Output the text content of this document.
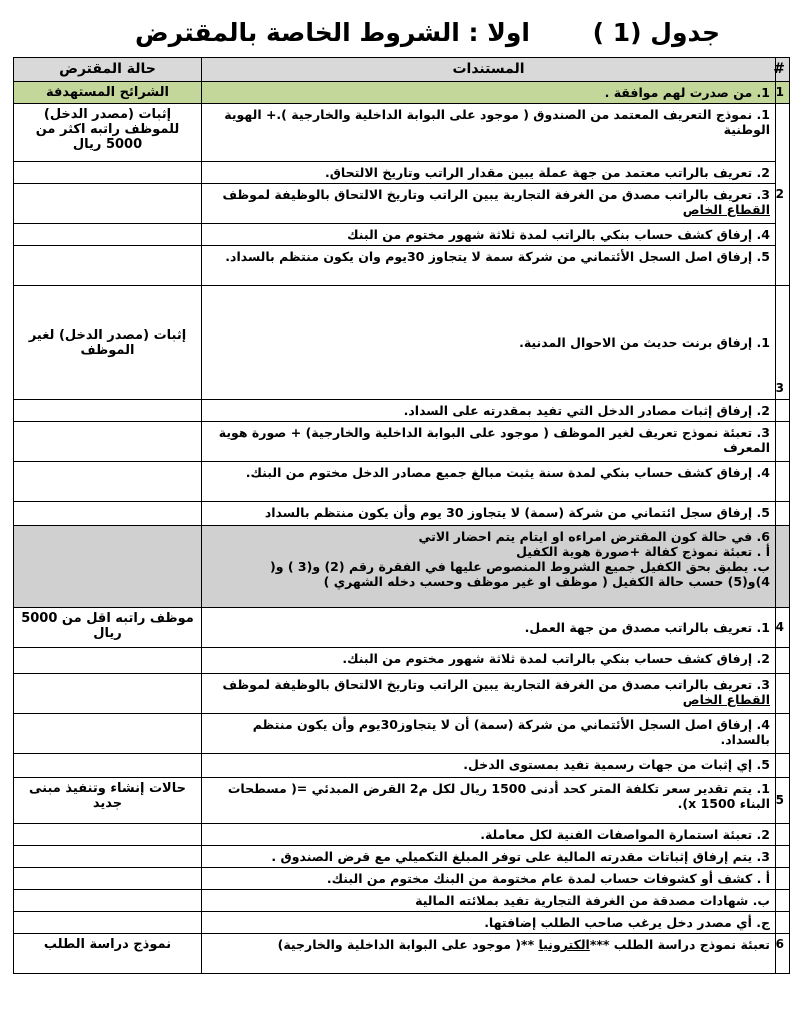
جدول (1 )
اولا : الشروط الخاصة بالمقترض
#	المستندات	حالة المقترض
1	1. من صدرت لهم موافقة .	الشرائح المستهدفة
2	1. نموذج التعريف المعتمد من الصندوق ( موجود على البوابة الداخلية والخارجية ).+ الهوية الوطنية	إثبات (مصدر الدخل) للموظف راتبه اكثر من 5000 ريال
	2. تعريف بالراتب معتمد من جهة عملة يبين مقدار الراتب وتاريخ الالتحاق.	
	3. تعريف بالراتب مصدق من الغرفة التجارية يبين الراتب وتاريخ الالتحاق بالوظيفة لموظف القطاع الخاص	
	4. إرفاق كشف حساب بنكي بالراتب لمدة ثلاثة شهور مختوم من البنك	
	5. إرفاق اصل السجل الأئتماني من شركة سمة لا يتجاوز 30يوم وان يكون منتظم بالسداد.	
3	1. إرفاق برنت حديث من الاحوال المدنية.	إثبات (مصدر الدخل) لغير الموظف
	2. إرفاق إثبات مصادر الدخل التي تفيد بمقدرته على السداد.	
	3. تعبئة نموذج تعريف لغير الموظف ( موجود على البوابة الداخلية والخارجية) + صورة هوية المعرف	
	4. إرفاق كشف حساب بنكي لمدة سنة يثبت مبالغ جميع مصادر الدخل مختوم من البنك.	
	5. إرفاق سجل ائتماني من شركة (سمة) لا يتجاوز 30 يوم وأن يكون منتظم بالسداد	

	6. في حالة كون المقترض امراءه او ايتام يتم احضار الاتي
أ . تعبئة نموذج كفالة +صورة هوية الكفيل
ب. يطبق بحق الكفيل جميع الشروط المنصوص عليها في الفقرة رقم (2) و(3 ) و(
4)و(5) حسب حالة الكفيل ( موظف او غير موظف وحسب دخله الشهري )	

4	1. تعريف بالراتب مصدق من جهة العمل.	موظف راتبه اقل من 5000 ريال
	2. إرفاق كشف حساب بنكي بالراتب لمدة ثلاثة شهور مختوم من البنك.	
	3. تعريف بالراتب مصدق من الغرفة التجارية يبين الراتب وتاريخ الالتحاق بالوظيفة لموظف القطاع الخاص	
	4. إرفاق اصل السجل الأئتماني من شركة (سمة) أن لا يتجاوز30يوم وأن يكون منتظم بالسداد.	
	5. إي إثبات من جهات رسمية تفيد بمستوى الدخل.	
5	1. يتم تقدير سعر تكلفة المتر كحد أدنى 1500 ريال لكل م2 القرض المبدئي =( مسطحات البناء 1500 x).	حالات إنشاء وتنفيذ مبنى جديد
	2. تعبئة استمارة المواصفات الفنية لكل معاملة.	
	3. يتم إرفاق إثباتات مقدرته المالية على توفر المبلغ التكميلي مع قرض الصندوق .	
	أ . كشف أو كشوفات حساب لمدة عام مختومة من البنك مختوم من البنك.	
	ب. شهادات مصدقة من الغرفة التجارية تفيد بملائته المالية	
	ج. أي مصدر دخل يرغب صاحب الطلب إضافتها.	
6	تعبئة نموذج دراسة الطلب ***الكترونيا **( موجود على البوابة الداخلية والخارجية)	نموذج دراسة الطلب
